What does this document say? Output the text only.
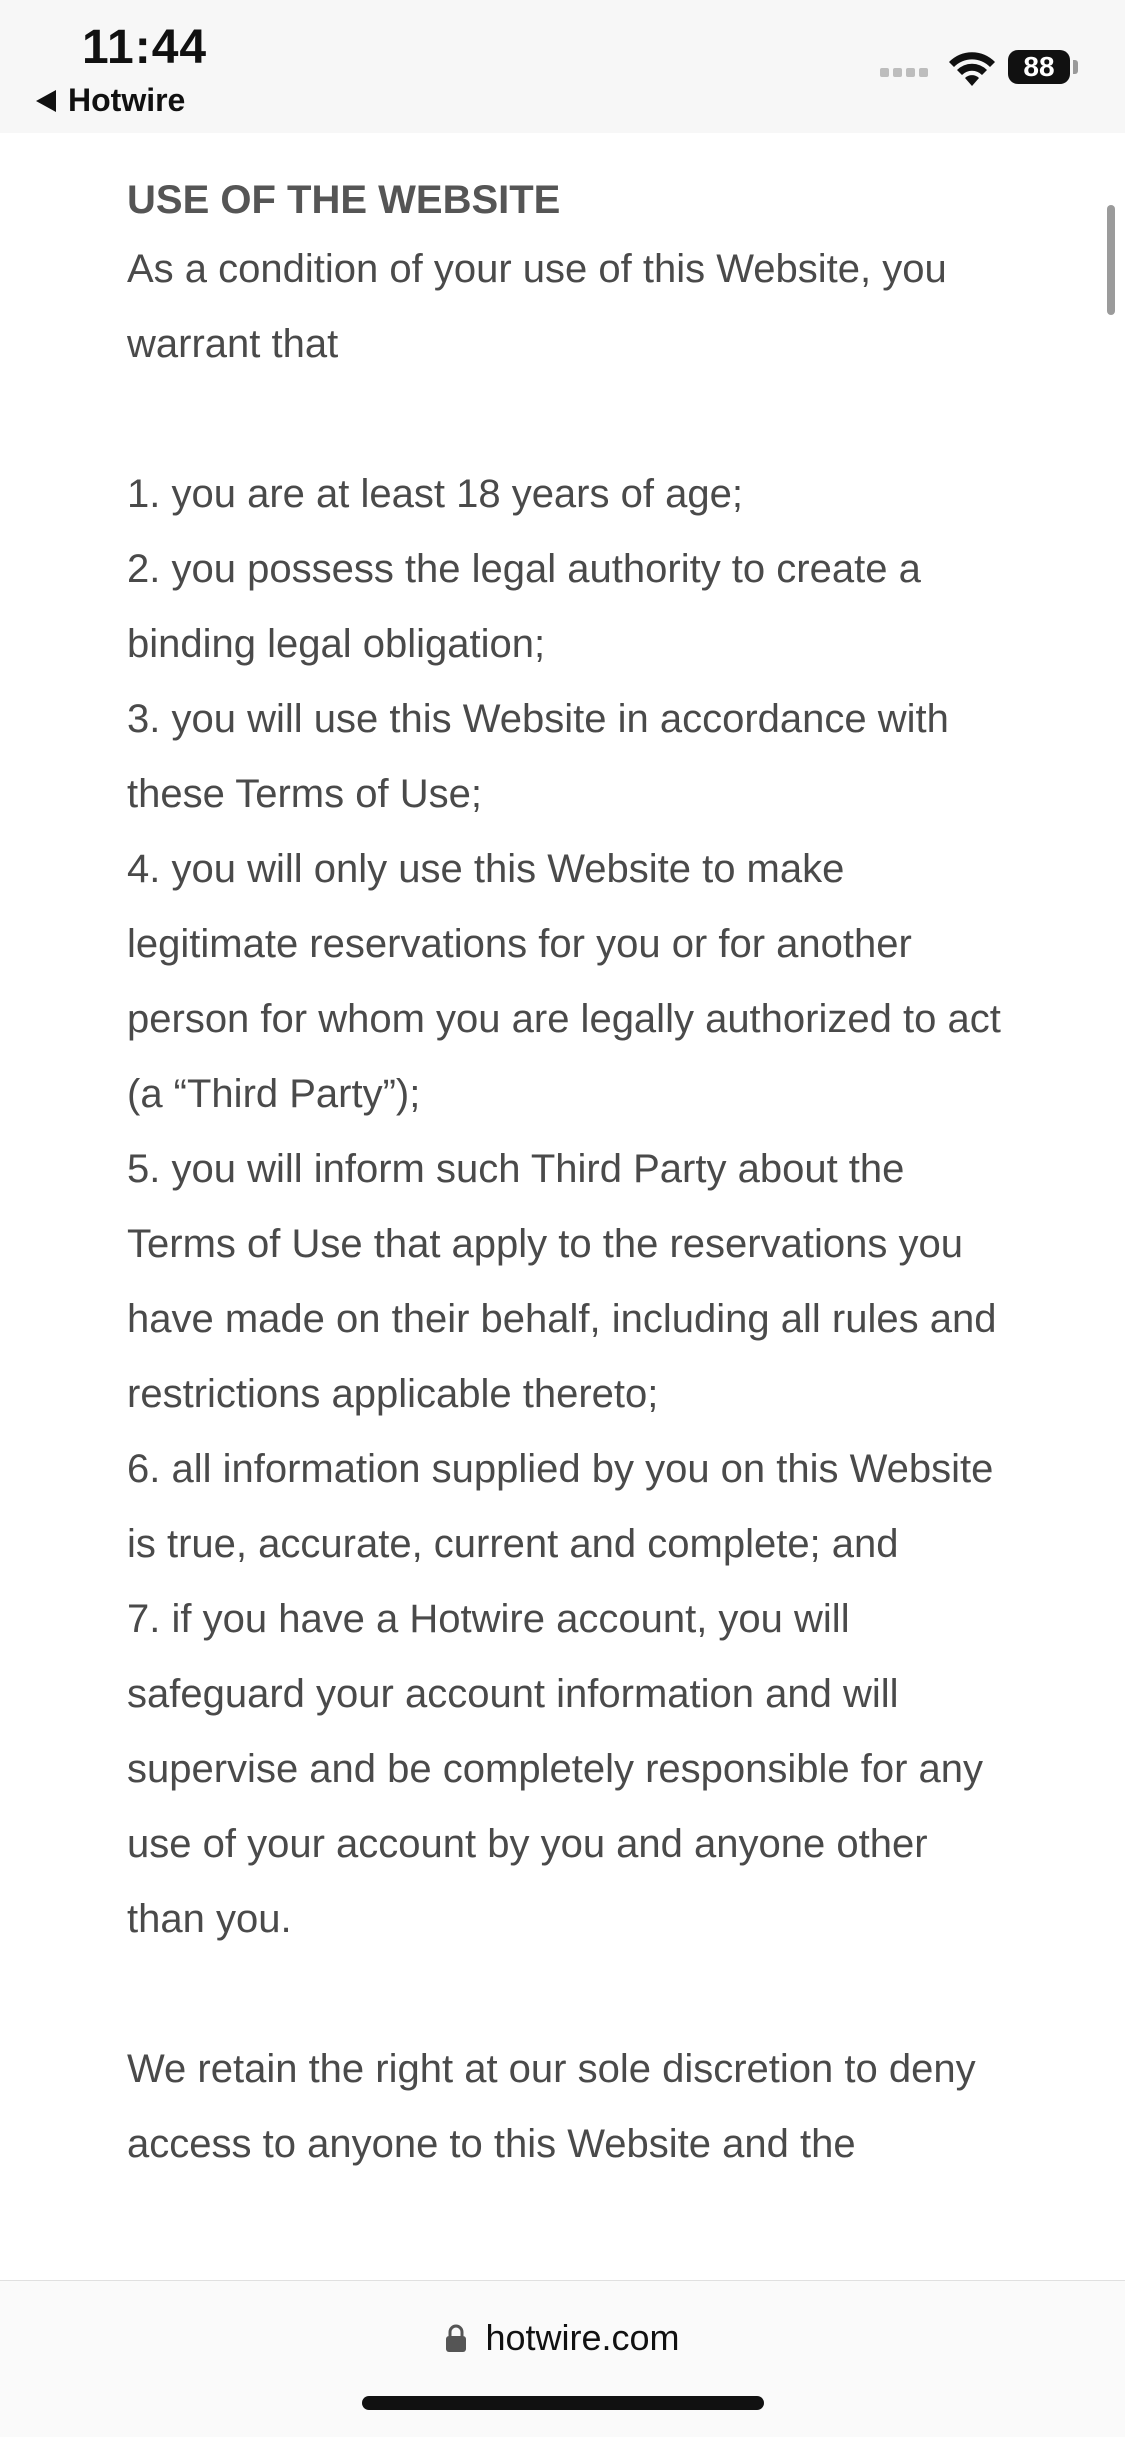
11:44
Hotwire
88
USE OF THE WEBSITE

As a condition of your use of this Website, you warrant that

1. you are at least 18 years of age;

2. you possess the legal authority to create a binding legal obligation;

3. you will use this Website in accordance with these Terms of Use;

4. you will only use this Website to make legitimate reservations for you or for another person for whom you are legally authorized to act (a “Third Party”);

5. you will inform such Third Party about the Terms of Use that apply to the reservations you have made on their behalf, including all rules and restrictions applicable thereto;

6. all information supplied by you on this Website is true, accurate, current and complete; and

7. if you have a Hotwire account, you will safeguard your account information and will supervise and be completely responsible for any use of your account by you and anyone other than you.

We retain the right at our sole discretion to deny access to anyone to this Website and the

hotwire.com
